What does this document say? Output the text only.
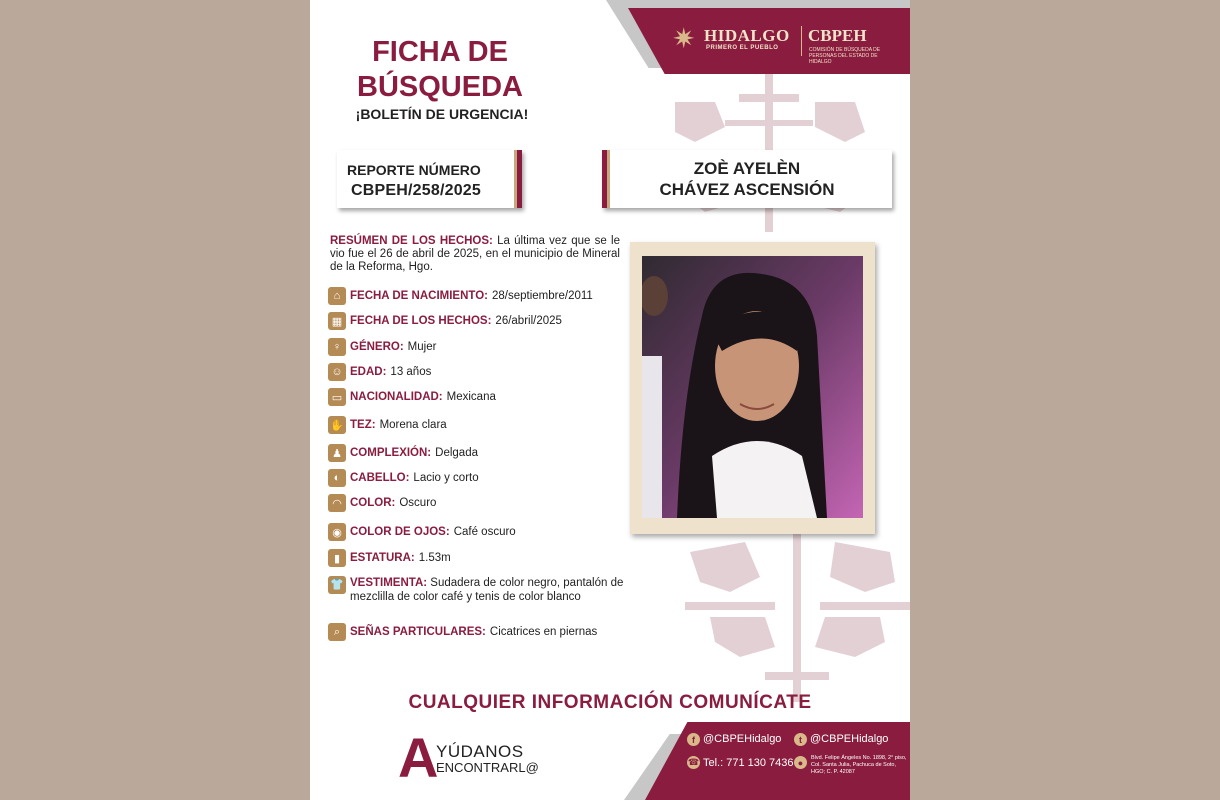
✷ HIDALGO
PRIMERO EL PUEBLO
CBPEH
COMISIÓN DE BÚSQUEDA DE PERSONAS DEL ESTADO DE HIDALGO
FICHA DE
BÚSQUEDA
¡BOLETÍN DE URGENCIA!
REPORTE NÚMERO
CBPEH/258/2025
ZOÈ AYELÈN
CHÁVEZ ASCENSIÓN
RESÚMEN DE LOS HECHOS: La última vez que se le vio fue el 26 de abril de 2025, en el municipio de Mineral de la Reforma, Hgo.
⌂ FECHA DE NACIMIENTO: 28/septiembre/2011
▦ FECHA DE LOS HECHOS: 26/abril/2025
♀ GÉNERO: Mujer
☺ EDAD: 13 años
▭ NACIONALIDAD: Mexicana
✋ TEZ: Morena clara
♟ COMPLEXIÓN: Delgada
◐ CABELLO: Lacio y corto
◠ COLOR: Oscuro
◉ COLOR DE OJOS: Café oscuro
▮ ESTATURA: 1.53m
👕 VESTIMENTA: Sudadera de color negro, pantalón de mezclilla de color café y tenis de color blanco
⌕ SEÑAS PARTICULARES: Cicatrices en piernas
CUALQUIER INFORMACIÓN COMUNÍCATE
A
YÚDANOS
ENCONTRARL@
f @CBPEHidalgo	t @CBPEHidalgo
☎ Tel.: 771 130 7436 ●	Blvd. Felipe Ángeles No. 1898, 2° piso, Col. Santa Julia, Pachuca de Soto, HGO; C. P. 42087
